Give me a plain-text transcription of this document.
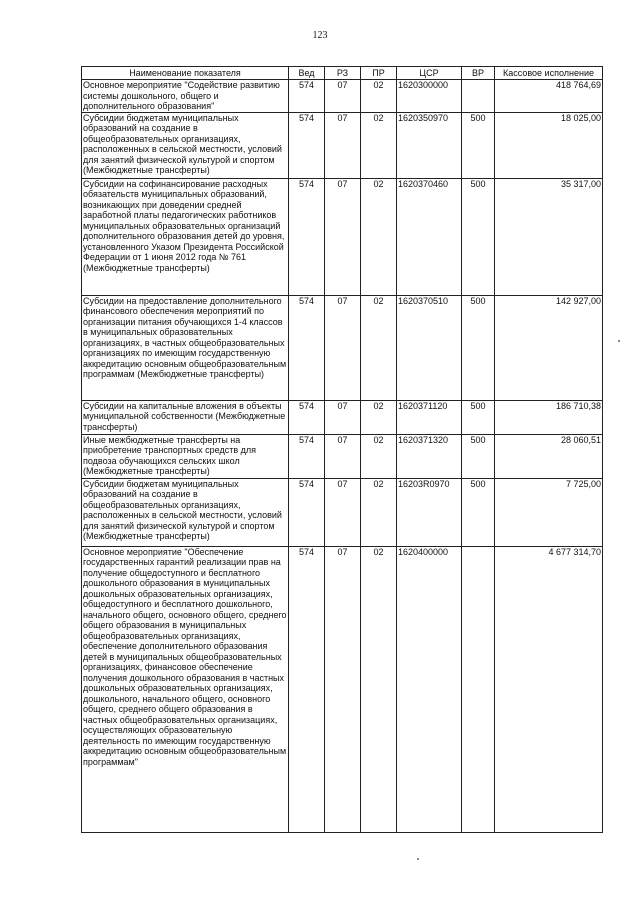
123
Наименование показателя	Вед	РЗ	ПР	ЦСР	ВР	Кассовое исполнение
Основное мероприятие "Содействие развитию системы дошкольного, общего и дополнительного образования"	574	07	02	1620300000		418 764,69
Субсидии бюджетам муниципальных образований на создание в общеобразовательных организациях, расположенных в сельской местности, условий для занятий физической культурой и спортом (Межбюджетные трансферты)	574	07	02	1620350970	500	18 025,00
Субсидии на софинансирование расходных обязательств муниципальных образований, возникающих при доведении средней заработной платы педагогических работников муниципальных образовательных организаций дополнительного образования детей до уровня, установленного Указом Президента Российской Федерации от 1 июня 2012 года № 761 (Межбюджетные трансферты)	574	07	02	1620370460	500	35 317,00
Субсидии на предоставление дополнительного финансового обеспечения мероприятий по организации питания обучающихся 1-4 классов в муниципальных образовательных организациях, в частных общеобразовательных организациях по имеющим государственную аккредитацию основным общеобразовательным программам (Межбюджетные трансферты)	574	07	02	1620370510	500	142 927,00
Субсидии на капитальные вложения в объекты муниципальной собственности (Межбюджетные трансферты)	574	07	02	1620371120	500	186 710,38
Иные межбюджетные трансферты на приобретение транспортных средств для подвоза обучающихся сельских школ (Межбюджетные трансферты)	574	07	02	1620371320	500	28 060,51
Субсидии бюджетам муниципальных образований на создание в общеобразовательных организациях, расположенных в сельской местности, условий для занятий физической культурой и спортом (Межбюджетные трансферты)	574	07	02	16203R0970	500	7 725,00
Основное мероприятие "Обеспечение государственных гарантий реализации прав на получение общедоступного и бесплатного дошкольного образования в муниципальных дошкольных образовательных организациях, общедоступного и бесплатного дошкольного, начального общего, основного общего, среднего общего образования в муниципальных общеобразовательных организациях, обеспечение дополнительного образования детей в муниципальных общеобразовательных организациях, финансовое обеспечение получения дошкольного образования в частных дошкольных образовательных организациях, дошкольного, начального общего, основного общего, среднего общего образования в частных общеобразовательных организациях, осуществляющих образовательную деятельность по имеющим государственную аккредитацию основным общеобразовательным программам"	574	07	02	1620400000		4 677 314,70
